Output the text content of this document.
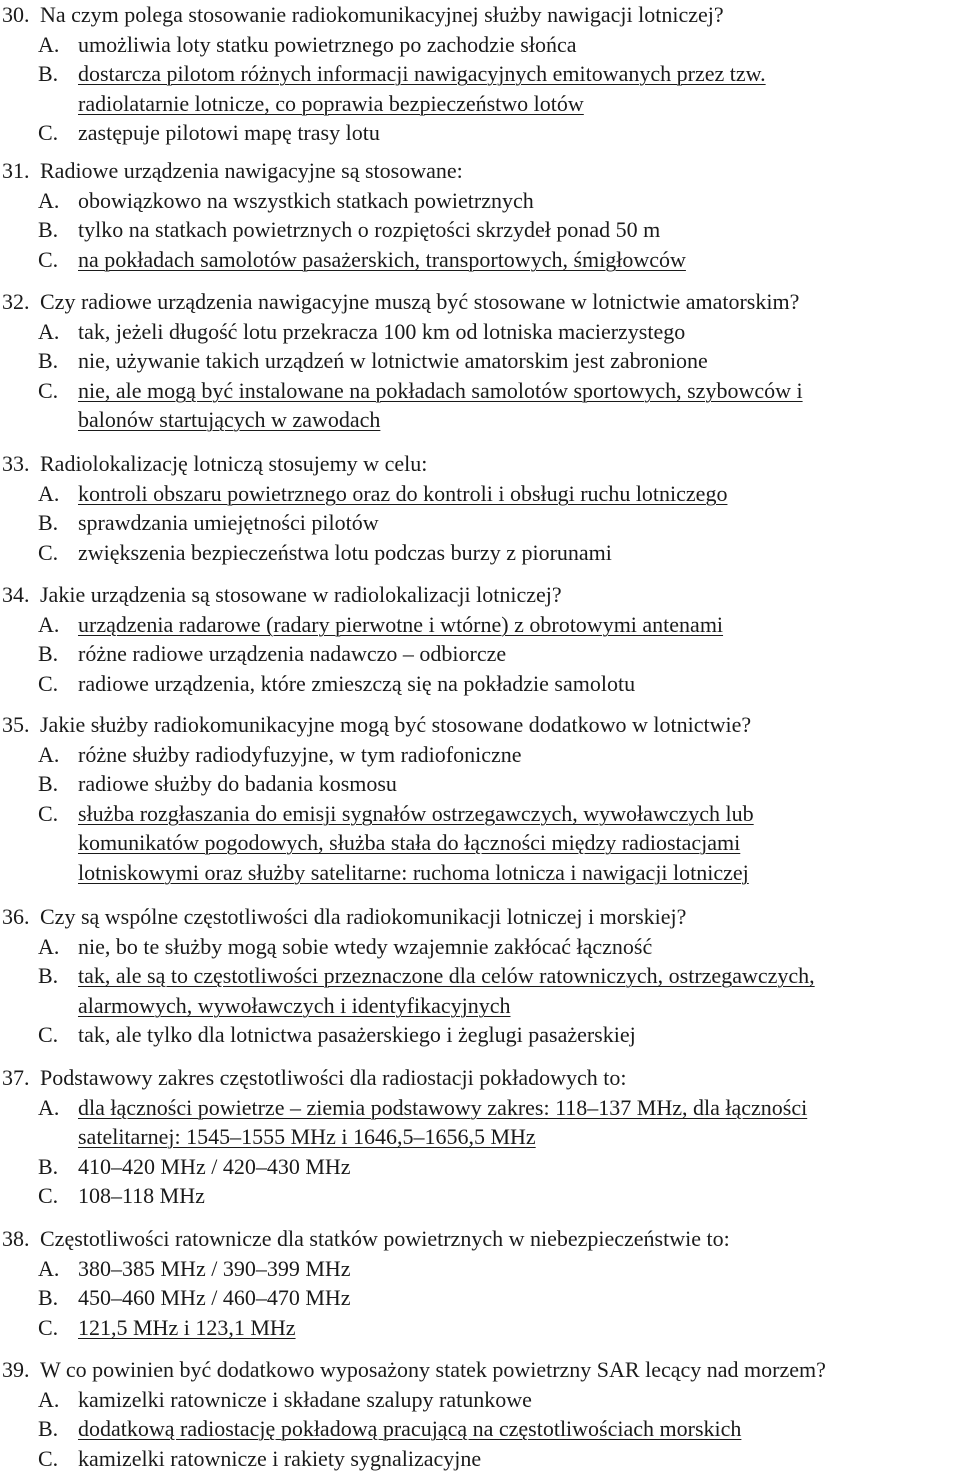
30. Na czym polega stosowanie radiokomunikacyjnej służby nawigacji lotniczej?
A. umożliwia loty statku powietrznego po zachodzie słońca
B. dostarcza pilotom różnych informacji nawigacyjnych emitowanych przez tzw.
radiolatarnie lotnicze, co poprawia bezpieczeństwo lotów
C. zastępuje pilotowi mapę trasy lotu
31. Radiowe urządzenia nawigacyjne są stosowane:
A. obowiązkowo na wszystkich statkach powietrznych
B. tylko na statkach powietrznych o rozpiętości skrzydeł ponad 50 m
C. na pokładach samolotów pasażerskich, transportowych, śmigłowców
32. Czy radiowe urządzenia nawigacyjne muszą być stosowane w lotnictwie amatorskim?
A. tak, jeżeli długość lotu przekracza 100 km od lotniska macierzystego
B. nie, używanie takich urządzeń w lotnictwie amatorskim jest zabronione
C. nie, ale mogą być instalowane na pokładach samolotów sportowych, szybowców i
balonów startujących w zawodach
33. Radiolokalizację lotniczą stosujemy w celu:
A. kontroli obszaru powietrznego oraz do kontroli i obsługi ruchu lotniczego
B. sprawdzania umiejętności pilotów
C. zwiększenia bezpieczeństwa lotu podczas burzy z piorunami
34. Jakie urządzenia są stosowane w radiolokalizacji lotniczej?
A. urządzenia radarowe (radary pierwotne i wtórne) z obrotowymi antenami
B. różne radiowe urządzenia nadawczo – odbiorcze
C. radiowe urządzenia, które zmieszczą się na pokładzie samolotu
35. Jakie służby radiokomunikacyjne mogą być stosowane dodatkowo w lotnictwie?
A. różne służby radiodyfuzyjne, w tym radiofoniczne
B. radiowe służby do badania kosmosu
C. służba rozgłaszania do emisji sygnałów ostrzegawczych, wywoławczych lub
komunikatów pogodowych, służba stała do łączności między radiostacjami
lotniskowymi oraz służby satelitarne: ruchoma lotnicza i nawigacji lotniczej
36. Czy są wspólne częstotliwości dla radiokomunikacji lotniczej i morskiej?
A. nie, bo te służby mogą sobie wtedy wzajemnie zakłócać łączność
B. tak, ale są to częstotliwości przeznaczone dla celów ratowniczych, ostrzegawczych,
alarmowych, wywoławczych i identyfikacyjnych
C. tak, ale tylko dla lotnictwa pasażerskiego i żeglugi pasażerskiej
37. Podstawowy zakres częstotliwości dla radiostacji pokładowych to:
A. dla łączności powietrze – ziemia podstawowy zakres: 118–137 MHz, dla łączności
satelitarnej: 1545–1555 MHz i 1646,5–1656,5 MHz
B. 410–420 MHz / 420–430 MHz
C. 108–118 MHz
38. Częstotliwości ratownicze dla statków powietrznych w niebezpieczeństwie to:
A. 380–385 MHz / 390–399 MHz
B. 450–460 MHz / 460–470 MHz
C. 121,5 MHz i 123,1 MHz
39. W co powinien być dodatkowo wyposażony statek powietrzny SAR lecący nad morzem?
A. kamizelki ratownicze i składane szalupy ratunkowe
B. dodatkową radiostację pokładową pracującą na częstotliwościach morskich
C. kamizelki ratownicze i rakiety sygnalizacyjne
